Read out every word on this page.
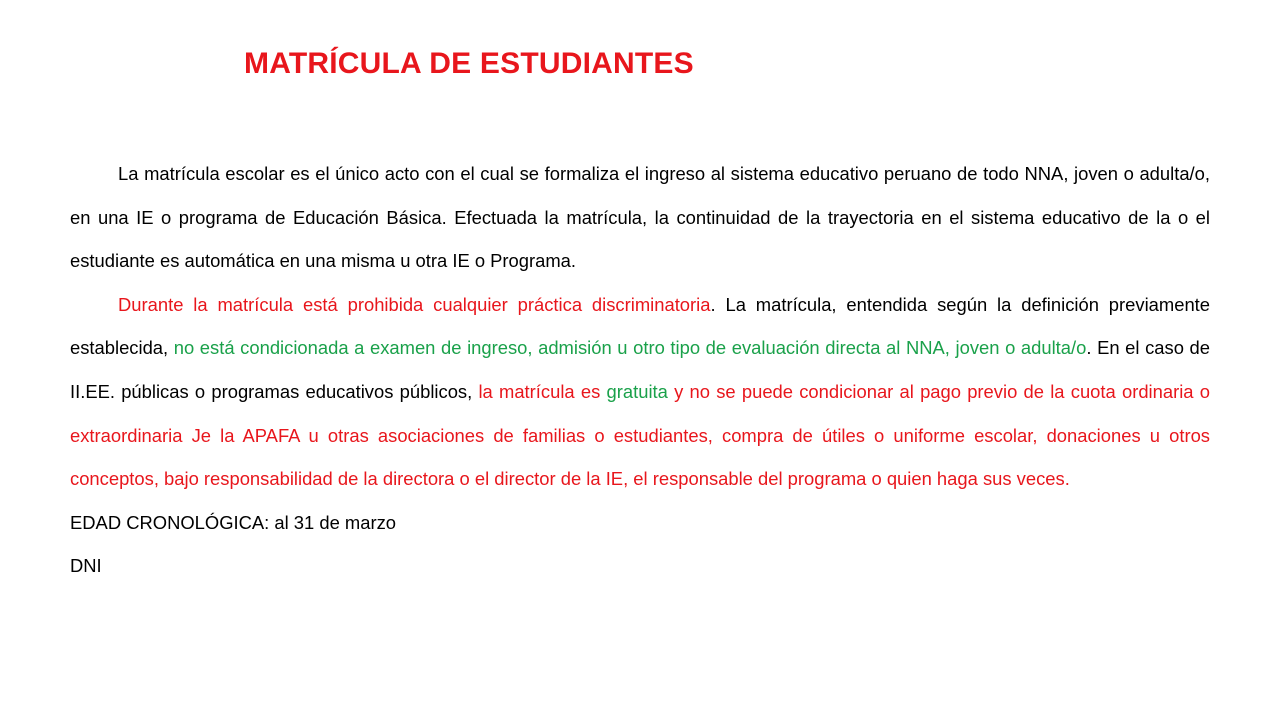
MATRÍCULA DE ESTUDIANTES

La matrícula escolar es el único acto con el cual se formaliza el ingreso al sistema educativo peruano de todo NNA, joven o adulta/o, en una IE o programa de Educación Básica. Efectuada la matrícula, la continuidad de la trayectoria en el sistema educativo de la o el estudiante es automática en una misma u otra IE o Programa.

Durante la matrícula está prohibida cualquier práctica discriminatoria. La matrícula, entendida según la definición previamente establecida, no está condicionada a examen de ingreso, admisión u otro tipo de evaluación directa al NNA, joven o adulta/o. En el caso de II.EE. públicas o programas educativos públicos, la matrícula es gratuita y no se puede condicionar al pago previo de la cuota ordinaria o extraordinaria Je la APAFA u otras asociaciones de familias o estudiantes, compra de útiles o uniforme escolar, donaciones u otros conceptos, bajo responsabilidad de la directora o el director de la IE, el responsable del programa o quien haga sus veces.

EDAD CRONOLÓGICA: al 31 de marzo

DNI
